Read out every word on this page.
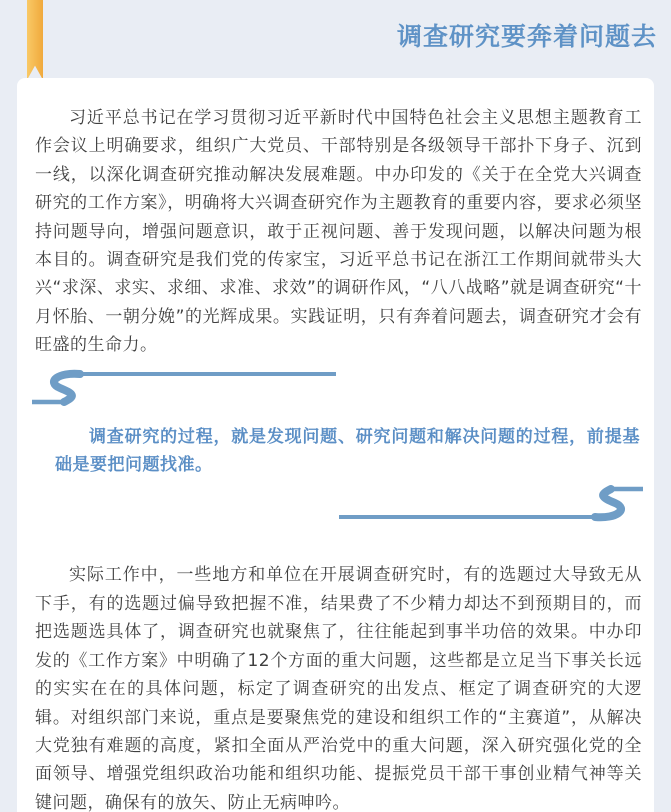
调查研究要奔着问题去

习近平总书记在学习贯彻习近平新时代中国特色社会主义思想主题教育工作会议上明确要求，组织广大党员、干部特别是各级领导干部扑下身子、沉到一线，以深化调查研究推动解决发展难题。中办印发的《关于在全党大兴调查研究的工作方案》，明确将大兴调查研究作为主题教育的重要内容，要求必须坚持问题导向，增强问题意识，敢于正视问题、善于发现问题，以解决问题为根本目的。调查研究是我们党的传家宝，习近平总书记在浙江工作期间就带头大兴“求深、求实、求细、求准、求效”的调研作风，“八八战略”就是调查研究“十月怀胎、一朝分娩”的光辉成果。实践证明，只有奔着问题去，调查研究才会有旺盛的生命力。

调查研究的过程，就是发现问题、研究问题和解决问题的过程，前提基础是要把问题找准。

实际工作中，一些地方和单位在开展调查研究时，有的选题过大导致无从下手，有的选题过偏导致把握不准，结果费了不少精力却达不到预期目的，而把选题选具体了，调查研究也就聚焦了，往往能起到事半功倍的效果。中办印发的《工作方案》中明确了12个方面的重大问题，这些都是立足当下事关长远的实实在在的具体问题，标定了调查研究的出发点、框定了调查研究的大逻辑。对组织部门来说，重点是要聚焦党的建设和组织工作的“主赛道”，从解决大党独有难题的高度，紧扣全面从严治党中的重大问题，深入研究强化党的全面领导、增强党组织政治功能和组织功能、提振党员干部干事创业精气神等关键问题，确保有的放矢、防止无病呻吟。
